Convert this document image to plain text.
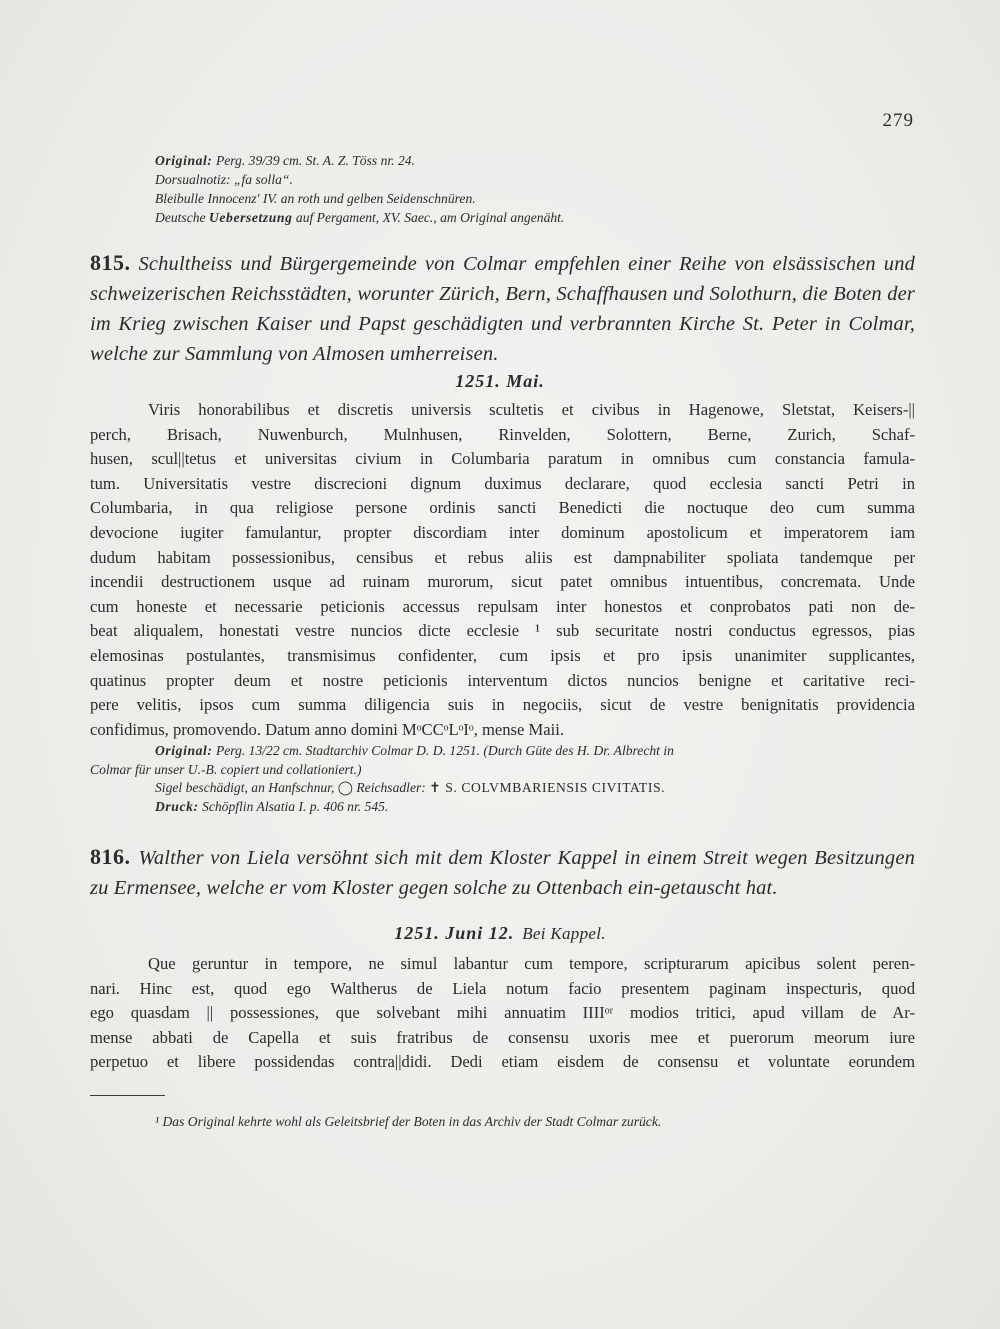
279
Original: Perg. 39/39 cm. St. A. Z. Töss nr. 24.
Dorsualnotiz: „fa solla“.
Bleibulle Innocenz' IV. an roth und gelben Seidenschnüren.
Deutsche Uebersetzung auf Pergament, XV. Saec., am Original angenäht.
815. Schultheiss und Bürgergemeinde von Colmar empfehlen einer Reihe von elsässischen und schweizerischen Reichsstädten, worunter Zürich, Bern, Schaffhausen und Solothurn, die Boten der im Krieg zwischen Kaiser und Papst geschädigten und verbrannten Kirche St. Peter in Colmar, welche zur Sammlung von Almosen umherreisen.
1251. Mai.
Viris honorabilibus et discretis universis scultetis et civibus in Hagenowe, Sletstat, Keisers-||
perch, Brisach, Nuwenburch, Mulnhusen, Rinvelden, Solottern, Berne, Zurich, Schaf-
husen, scul||tetus et universitas civium in Columbaria paratum in omnibus cum constancia famula-
tum. Universitatis vestre discrecioni dignum duximus declarare, quod ecclesia sancti Petri in
Columbaria, in qua religiose persone ordinis sancti Benedicti die noctuque deo cum summa
devocione iugiter famulantur, propter discordiam inter dominum apostolicum et imperatorem iam
dudum habitam possessionibus, censibus et rebus aliis est dampnabiliter spoliata tandemque per
incendii destructionem usque ad ruinam murorum, sicut patet omnibus intuentibus, concremata. Unde
cum honeste et necessarie peticionis accessus repulsam inter honestos et conprobatos pati non de-
beat aliqualem, honestati vestre nuncios dicte ecclesie ¹ sub securitate nostri conductus egressos, pias
elemosinas postulantes, transmisimus confidenter, cum ipsis et pro ipsis unanimiter supplicantes,
quatinus propter deum et nostre peticionis interventum dictos nuncios benigne et caritative reci-
pere velitis, ipsos cum summa diligencia suis in negociis, sicut de vestre benignitatis providencia
confidimus, promovendo. Datum anno domini MᵒCCᵒLᵒIᵒ, mense Maii.
Original: Perg. 13/22 cm. Stadtarchiv Colmar D. D. 1251. (Durch Güte des H. Dr. Albrecht in
Colmar für unser U.-B. copiert und collationiert.)
Sigel beschädigt, an Hanfschnur, ◯ Reichsadler: ✝ S. COLVMBARIENSIS CIVITATIS.
Druck: Schöpflin Alsatia I. p. 406 nr. 545.
816. Walther von Liela versöhnt sich mit dem Kloster Kappel in einem Streit wegen Besitzungen zu Ermensee, welche er vom Kloster gegen solche zu Ottenbach ein-getauscht hat.
1251. Juni 12. Bei Kappel.
Que geruntur in tempore, ne simul labantur cum tempore, scripturarum apicibus solent peren-
nari. Hinc est, quod ego Waltherus de Liela notum facio presentem paginam inspecturis, quod
ego quasdam || possessiones, que solvebant mihi annuatim IIIIᵒʳ modios tritici, apud villam de Ar-
mense abbati de Capella et suis fratribus de consensu uxoris mee et puerorum meorum iure
perpetuo et libere possidendas contra||didi. Dedi etiam eisdem de consensu et voluntate eorundem
¹ Das Original kehrte wohl als Geleitsbrief der Boten in das Archiv der Stadt Colmar zurück.
